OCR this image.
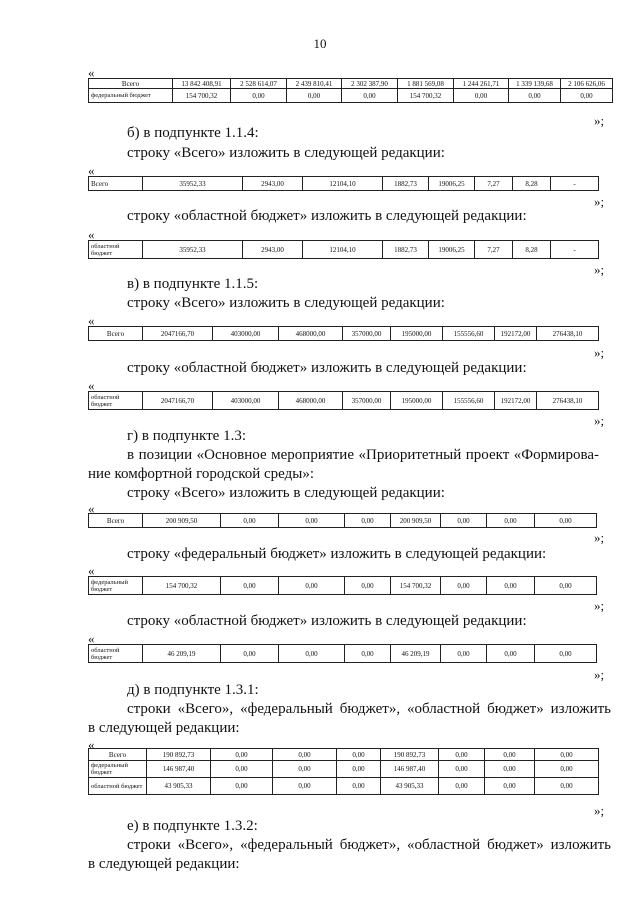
10
«
Всего	13 842 408,91	2 528 614,07	2 439 810,41	2 302 387,90	1 881 569,08	1 244 261,71	1 339 139,68	2 106 626,06
федеральный бюджет	154 700,32	0,00	0,00	0,00	154 700,32	0,00	0,00	0,00
»;
б) в подпункте 1.1.4:
строку «Всего» изложить в следующей редакции:
«
Всего	35952,33	2943,00	12104,10	1882,73	19006,25	7,27	8,28	-
»;
строку «областной бюджет» изложить в следующей редакции:
«
областной бюджет	35952,33	2943,00	12104,10	1882,73	19006,25	7,27	8,28	-
»;
в) в подпункте 1.1.5:
строку «Всего» изложить в следующей редакции:
«
Всего	2047166,70	403000,00	468000,00	357000,00	195000,00	155556,60	192172,00	276438,10
»;
строку «областной бюджет» изложить в следующей редакции:
«
областной бюджет	2047166,70	403000,00	468000,00	357000,00	195000,00	155556,60	192172,00	276438,10
»;
г) в подпункте 1.3:
в позиции «Основное мероприятие «Приоритетный проект «Формирова-
ние комфортной городской среды»:
строку «Всего» изложить в следующей редакции:
«
Всего	200 909,50	0,00	0,00	0,00	200 909,50	0,00	0,00	0,00
»;
строку «федеральный бюджет» изложить в следующей редакции:
«
федеральный бюджет	154 700,32	0,00	0,00	0,00	154 700,32	0,00	0,00	0,00
»;
строку «областной бюджет» изложить в следующей редакции:
«
областной бюджет	46 209,19	0,00	0,00	0,00	46 209,19	0,00	0,00	0,00
»;
д) в подпункте 1.3.1:
строки «Всего», «федеральный бюджет», «областной бюджет» изложить
в следующей редакции:
«
Всего	190 892,73	0,00	0,00	0,00	190 892,73	0,00	0,00	0,00
федеральный бюджет	146 987,40	0,00	0,00	0,00	146 987,40	0,00	0,00	0,00
областной бюджет	43 905,33	0,00	0,00	0,00	43 905,33	0,00	0,00	0,00
»;
е) в подпункте 1.3.2:
строки «Всего», «федеральный бюджет», «областной бюджет» изложить
в следующей редакции:
